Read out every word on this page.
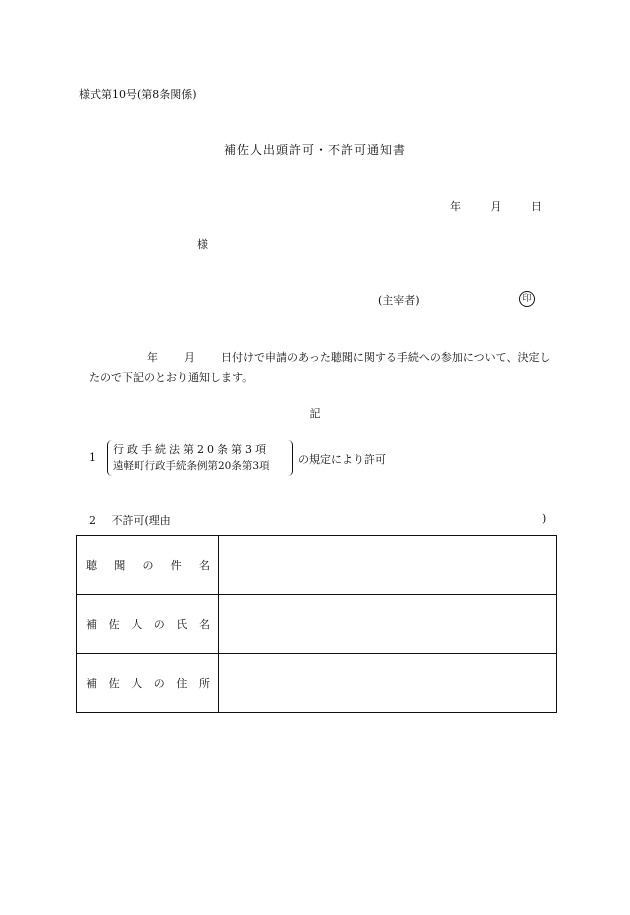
様式第10号(第8条関係)
補佐人出頭許可・不許可通知書
年	月	日
様
(主宰者)	印
年 月 日付けで申請のあった聴聞に関する手続への参加について、決定したので下記のとおり通知します。
記
1
行政手続法第20条第3項
遠軽町行政手続条例第20条第3項	の規定により許可
2 不許可(理由	)
聴聞の件名	
補佐人の氏名	
補佐人の住所	
